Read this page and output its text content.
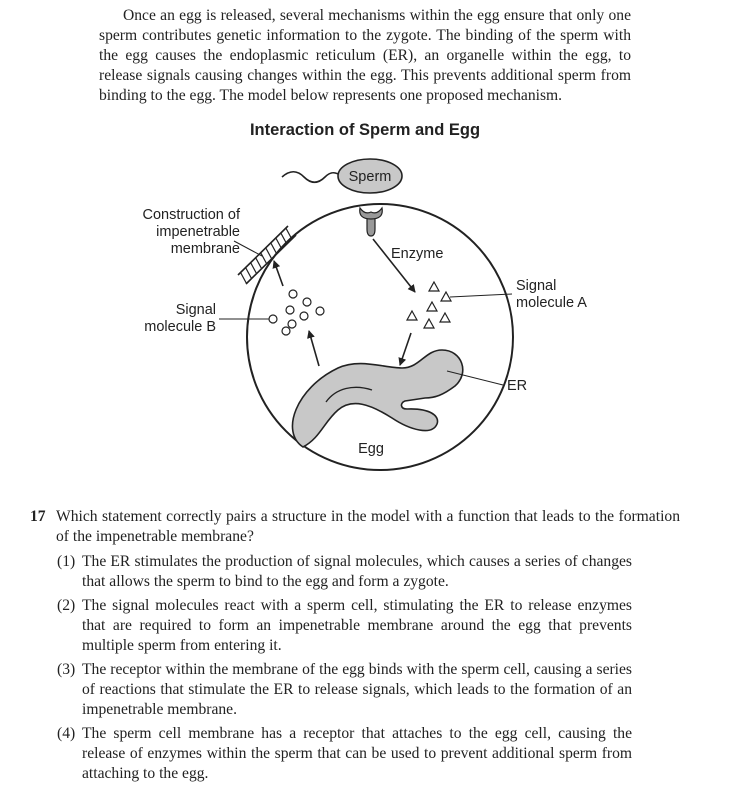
Once an egg is released, several mechanisms within the egg ensure that only one sperm contributes genetic information to the zygote. The binding of the sperm with the egg causes the endoplasmic reticulum (ER), an organelle within the egg, to release signals causing changes within the egg. This prevents additional sperm from binding to the egg. The model below represents one proposed mechanism.

Interaction of Sperm and Egg
Sperm
Construction of
impenetrable
membrane	Enzyme
Signal
molecule A
Signal
molecule B
ER
Egg
17 Which statement correctly pairs a structure in the model with a function that leads to the formation of the impenetrable membrane?
(1) The ER stimulates the production of signal molecules, which causes a series of changes that allows the sperm to bind to the egg and form a zygote.
(2) The signal molecules react with a sperm cell, stimulating the ER to release enzymes that are required to form an impenetrable membrane around the egg that prevents multiple sperm from entering it.
(3) The receptor within the membrane of the egg binds with the sperm cell, causing a series of reactions that stimulate the ER to release signals, which leads to the formation of an impenetrable membrane.
(4) The sperm cell membrane has a receptor that attaches to the egg cell, causing the release of enzymes within the sperm that can be used to prevent additional sperm from attaching to the egg.
